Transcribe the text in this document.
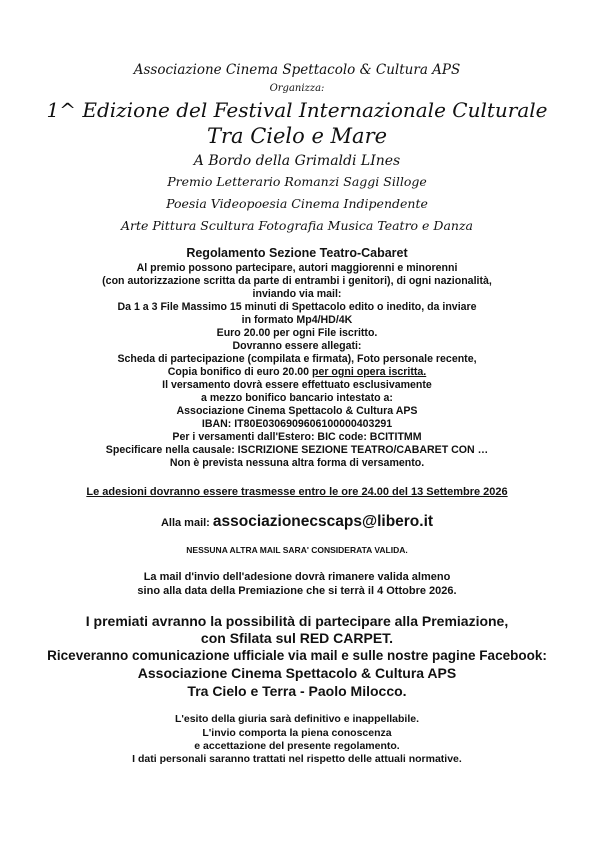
Associazione Cinema Spettacolo & Cultura APS
Organizza:
1^ Edizione del Festival Internazionale Culturale
Tra Cielo e Mare
A Bordo della Grimaldi LInes
Premio Letterario Romanzi Saggi Silloge
Poesia Videopoesia Cinema Indipendente
Arte Pittura Scultura Fotografia Musica Teatro e Danza
Regolamento Sezione Teatro-Cabaret
Al premio possono partecipare, autori maggiorenni e minorenni
(con autorizzazione scritta da parte di entrambi i genitori), di ogni nazionalità,
inviando via mail:
Da 1 a 3 File Massimo 15 minuti di Spettacolo edito o inedito, da inviare
in formato Mp4/HD/4K
Euro 20.00 per ogni File iscritto.
Dovranno essere allegati:
Scheda di partecipazione (compilata e firmata), Foto personale recente,
Copia bonifico di euro 20.00 per ogni opera iscritta.
Il versamento dovrà essere effettuato esclusivamente
a mezzo bonifico bancario intestato a:
Associazione Cinema Spettacolo & Cultura APS
IBAN: IT80E0306909606100000403291
Per i versamenti dall'Estero: BIC code: BCITITMM
Specificare nella causale: ISCRIZIONE SEZIONE TEATRO/CABARET CON …
Non è prevista nessuna altra forma di versamento.
Le adesioni dovranno essere trasmesse entro le ore 24.00 del 13 Settembre 2026
Alla mail: associazionecscaps@libero.it
NESSUNA ALTRA MAIL SARA' CONSIDERATA VALIDA.
La mail d'invio dell'adesione dovrà rimanere valida almeno
sino alla data della Premiazione che si terrà il 4 Ottobre 2026.
I premiati avranno la possibilità di partecipare alla Premiazione,
con Sfilata sul RED CARPET.
Riceveranno comunicazione ufficiale via mail e sulle nostre pagine Facebook:
Associazione Cinema Spettacolo & Cultura APS
Tra Cielo e Terra - Paolo Milocco.
L'esito della giuria sarà definitivo e inappellabile.
L'invio comporta la piena conoscenza
e accettazione del presente regolamento.
I dati personali saranno trattati nel rispetto delle attuali normative.
